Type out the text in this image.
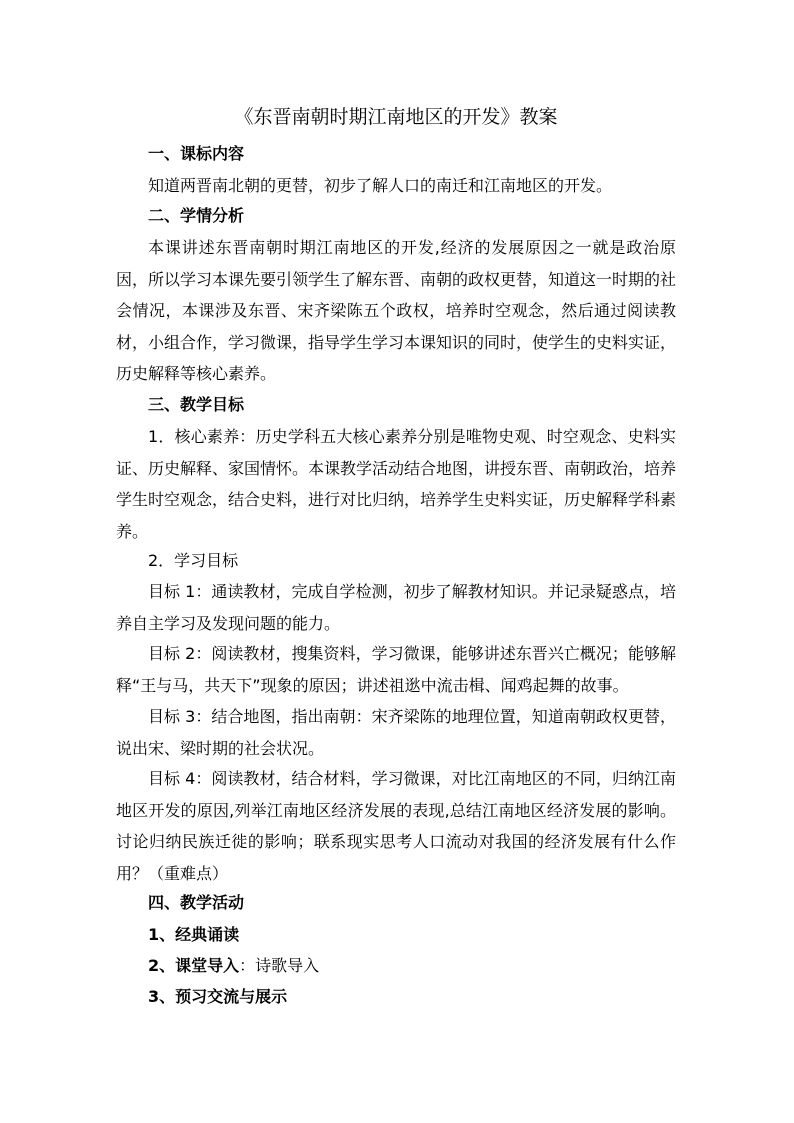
《东晋南朝时期江南地区的开发》教案
一、课标内容
知道两晋南北朝的更替，初步了解人口的南迁和江南地区的开发。
二、学情分析
本课讲述东晋南朝时期江南地区的开发,经济的发展原因之一就是政治原因，所以学习本课先要引领学生了解东晋、南朝的政权更替，知道这一时期的社会情况，本课涉及东晋、宋齐梁陈五个政权，培养时空观念，然后通过阅读教材，小组合作，学习微课，指导学生学习本课知识的同时，使学生的史料实证，历史解释等核心素养。
三、教学目标
1．核心素养：历史学科五大核心素养分别是唯物史观、时空观念、史料实证、历史解释、家国情怀。本课教学活动结合地图，讲授东晋、南朝政治，培养学生时空观念，结合史料，进行对比归纳，培养学生史料实证，历史解释学科素养。
2．学习目标
目标 1：通读教材，完成自学检测，初步了解教材知识。并记录疑惑点，培养自主学习及发现问题的能力。
目标 2：阅读教材，搜集资料，学习微课，能够讲述东晋兴亡概况；能够解释“王与马，共天下”现象的原因；讲述祖逖中流击楫、闻鸡起舞的故事。
目标 3：结合地图，指出南朝：宋齐梁陈的地理位置，知道南朝政权更替，说出宋、梁时期的社会状况。
目标 4：阅读教材，结合材料，学习微课，对比江南地区的不同，归纳江南地区开发的原因,列举江南地区经济发展的表现,总结江南地区经济发展的影响。讨论归纳民族迁徙的影响；联系现实思考人口流动对我国的经济发展有什么作用？（重难点）
四、教学活动
1、经典诵读
2、课堂导入：诗歌导入
3、预习交流与展示
